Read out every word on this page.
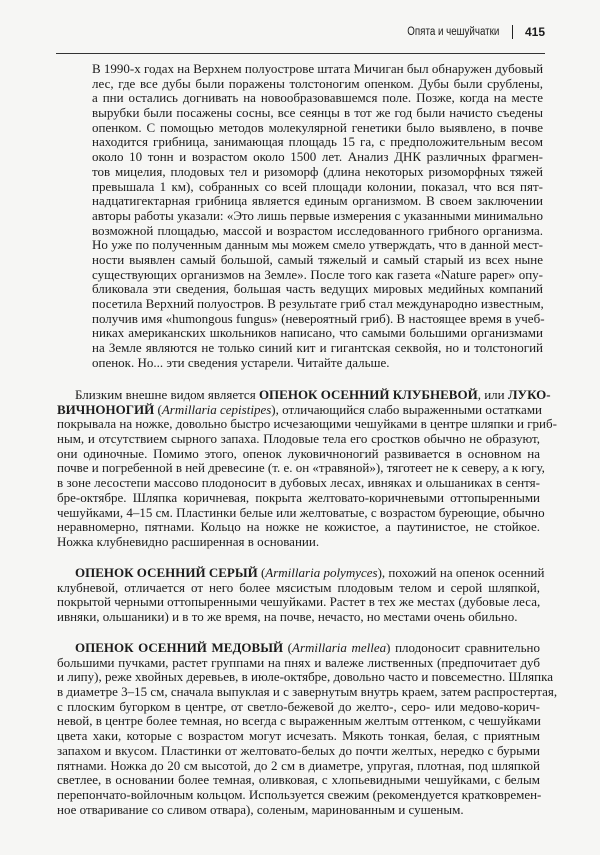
Опята и чешуйчатки 415
В 1990-х годах на Верхнем полуострове штата Мичиган был обнаружен дубовый
лес, где все дубы были поражены толстоногим опенком. Дубы были срублены,
а пни остались догнивать на новообразовавшемся поле. Позже, когда на месте
вырубки были посажены сосны, все сеянцы в тот же год были начисто съедены
опенком. С помощью методов молекулярной генетики было выявлено, в почве
находится грибница, занимающая площадь 15 га, с предположительным весом
около 10 тонн и возрастом около 1500 лет. Анализ ДНК различных фрагмен-
тов мицелия, плодовых тел и ризоморф (длина некоторых ризоморфных тяжей
превышала 1 км), собранных со всей площади колонии, показал, что вся пят-
надцатигектарная грибница является единым организмом. В своем заключении
авторы работы указали: «Это лишь первые измерения с указанными минимально
возможной площадью, массой и возрастом исследованного грибного организма.
Но уже по полученным данным мы можем смело утверждать, что в данной мест-
ности выявлен самый большой, самый тяжелый и самый старый из всех ныне
существующих организмов на Земле». После того как газета «Nature paper» опу-
бликовала эти сведения, большая часть ведущих мировых медийных компаний
посетила Верхний полуостров. В результате гриб стал международно известным,
получив имя «humongous fungus» (невероятный гриб). В настоящее время в учеб-
никах американских школьников написано, что самыми большими организмами
на Земле являются не только синий кит и гигантская секвойя, но и толстоногий
опенок. Но... эти сведения устарели. Читайте дальше.
Близким внешне видом является ОПЕНОК ОСЕННИЙ КЛУБНЕВОЙ, или ЛУКО-
ВИЧНОНОГИЙ (Armillaria cepistipes), отличающийся слабо выраженными остатками
покрывала на ножке, довольно быстро исчезающими чешуйками в центре шляпки и гриб-
ным, и отсутствием сырного запаха. Плодовые тела его сростков обычно не образуют,
они одиночные. Помимо этого, опенок луковичноногий развивается в основном на
почве и погребенной в ней древесине (т. е. он «травяной»), тяготеет не к северу, а к югу,
в зоне лесостепи массово плодоносит в дубовых лесах, ивняках и ольшаниках в сентя-
бре-октябре. Шляпка коричневая, покрыта желтовато-коричневыми оттопыренными
чешуйками, 4–15 см. Пластинки белые или желтоватые, с возрастом буреющие, обычно
неравномерно, пятнами. Кольцо на ножке не кожистое, а паутинистое, не стойкое.
Ножка клубневидно расширенная в основании.
ОПЕНОК ОСЕННИЙ СЕРЫЙ (Armillaria polymyces), похожий на опенок осенний
клубневой, отличается от него более мясистым плодовым телом и серой шляпкой,
покрытой черными оттопыренными чешуйками. Растет в тех же местах (дубовые леса,
ивняки, ольшаники) и в то же время, на почве, нечасто, но местами очень обильно.
ОПЕНОК ОСЕННИЙ МЕДОВЫЙ (Armillaria mellea) плодоносит сравнительно
большими пучками, растет группами на пнях и валеже лиственных (предпочитает дуб
и липу), реже хвойных деревьев, в июле-октябре, довольно часто и повсеместно. Шляпка
в диаметре 3–15 см, сначала выпуклая и с завернутым внутрь краем, затем распростертая,
с плоским бугорком в центре, от светло-бежевой до желто-, серо- или медово-корич-
невой, в центре более темная, но всегда с выраженным желтым оттенком, с чешуйками
цвета хаки, которые с возрастом могут исчезать. Мякоть тонкая, белая, с приятным
запахом и вкусом. Пластинки от желтовато-белых до почти желтых, нередко с бурыми
пятнами. Ножка до 20 см высотой, до 2 см в диаметре, упругая, плотная, под шляпкой
светлее, в основании более темная, оливковая, с хлопьевидными чешуйками, с белым
перепончато-войлочным кольцом. Используется свежим (рекомендуется кратковремен-
ное отваривание со сливом отвара), соленым, маринованным и сушеным.
